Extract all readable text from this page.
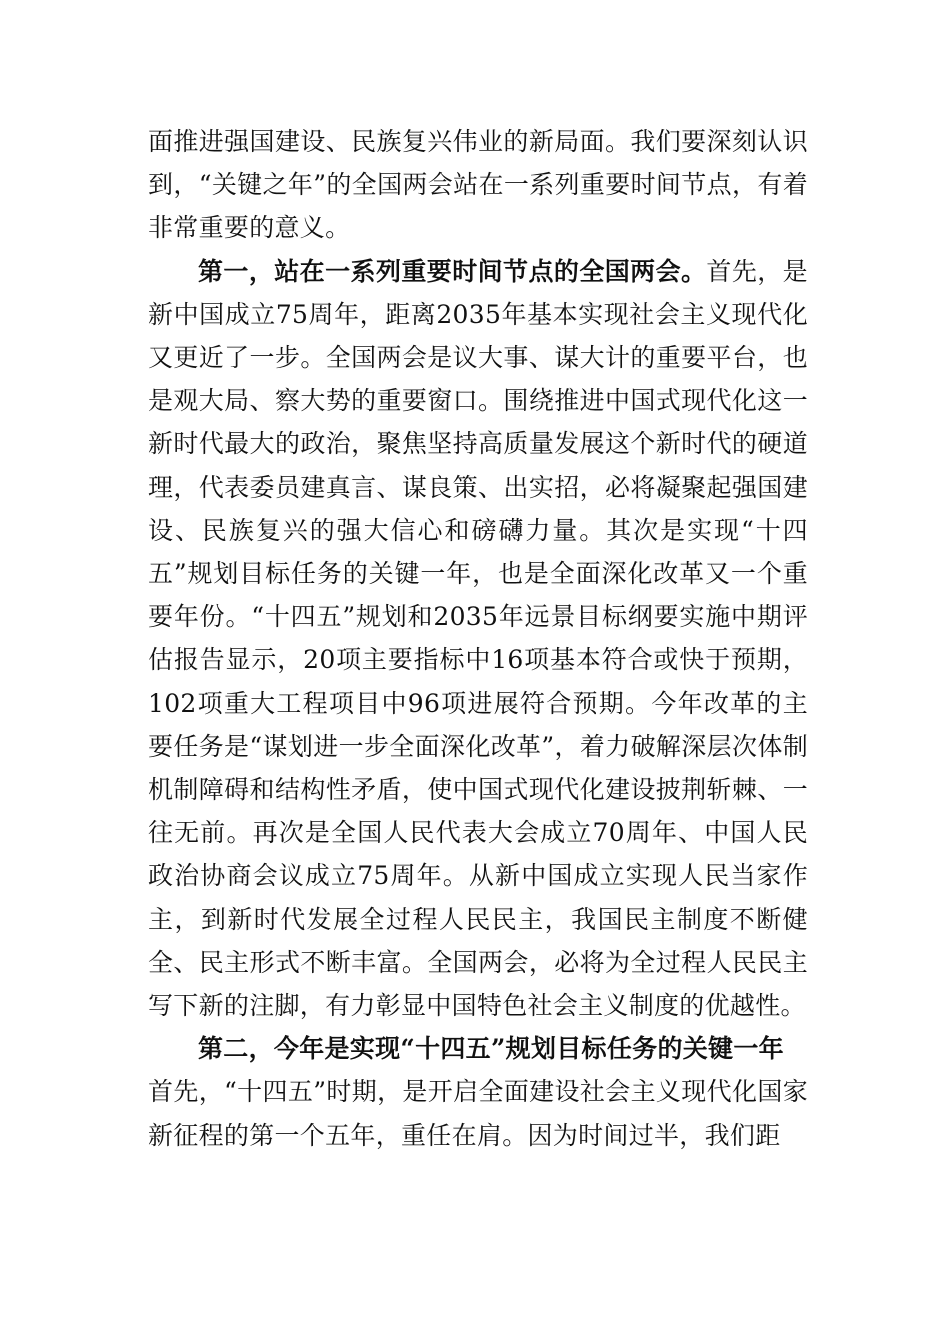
面推进强国建设、民族复兴伟业的新局面。我们要深刻认识到，“关键之年”的全国两会站在一系列重要时间节点，有着非常重要的意义。

第一，站在一系列重要时间节点的全国两会。首先，是新中国成立75周年，距离2035年基本实现社会主义现代化又更近了一步。全国两会是议大事、谋大计的重要平台，也是观大局、察大势的重要窗口。围绕推进中国式现代化这一新时代最大的政治，聚焦坚持高质量发展这个新时代的硬道理，代表委员建真言、谋良策、出实招，必将凝聚起强国建设、民族复兴的强大信心和磅礴力量。其次是实现“十四五”规划目标任务的关键一年，也是全面深化改革又一个重要年份。“十四五”规划和2035年远景目标纲要实施中期评估报告显示，20项主要指标中16项基本符合或快于预期，102项重大工程项目中96项进展符合预期。今年改革的主要任务是“谋划进一步全面深化改革”，着力破解深层次体制机制障碍和结构性矛盾，使中国式现代化建设披荆斩棘、一往无前。再次是全国人民代表大会成立70周年、中国人民政治协商会议成立75周年。从新中国成立实现人民当家作主，到新时代发展全过程人民民主，我国民主制度不断健全、民主形式不断丰富。全国两会，必将为全过程人民民主写下新的注脚，有力彰显中国特色社会主义制度的优越性。

第二，今年是实现“十四五”规划目标任务的关键一年

首先，“十四五”时期，是开启全面建设社会主义现代化国家新征程的第一个五年，重任在肩。因为时间过半，我们距
